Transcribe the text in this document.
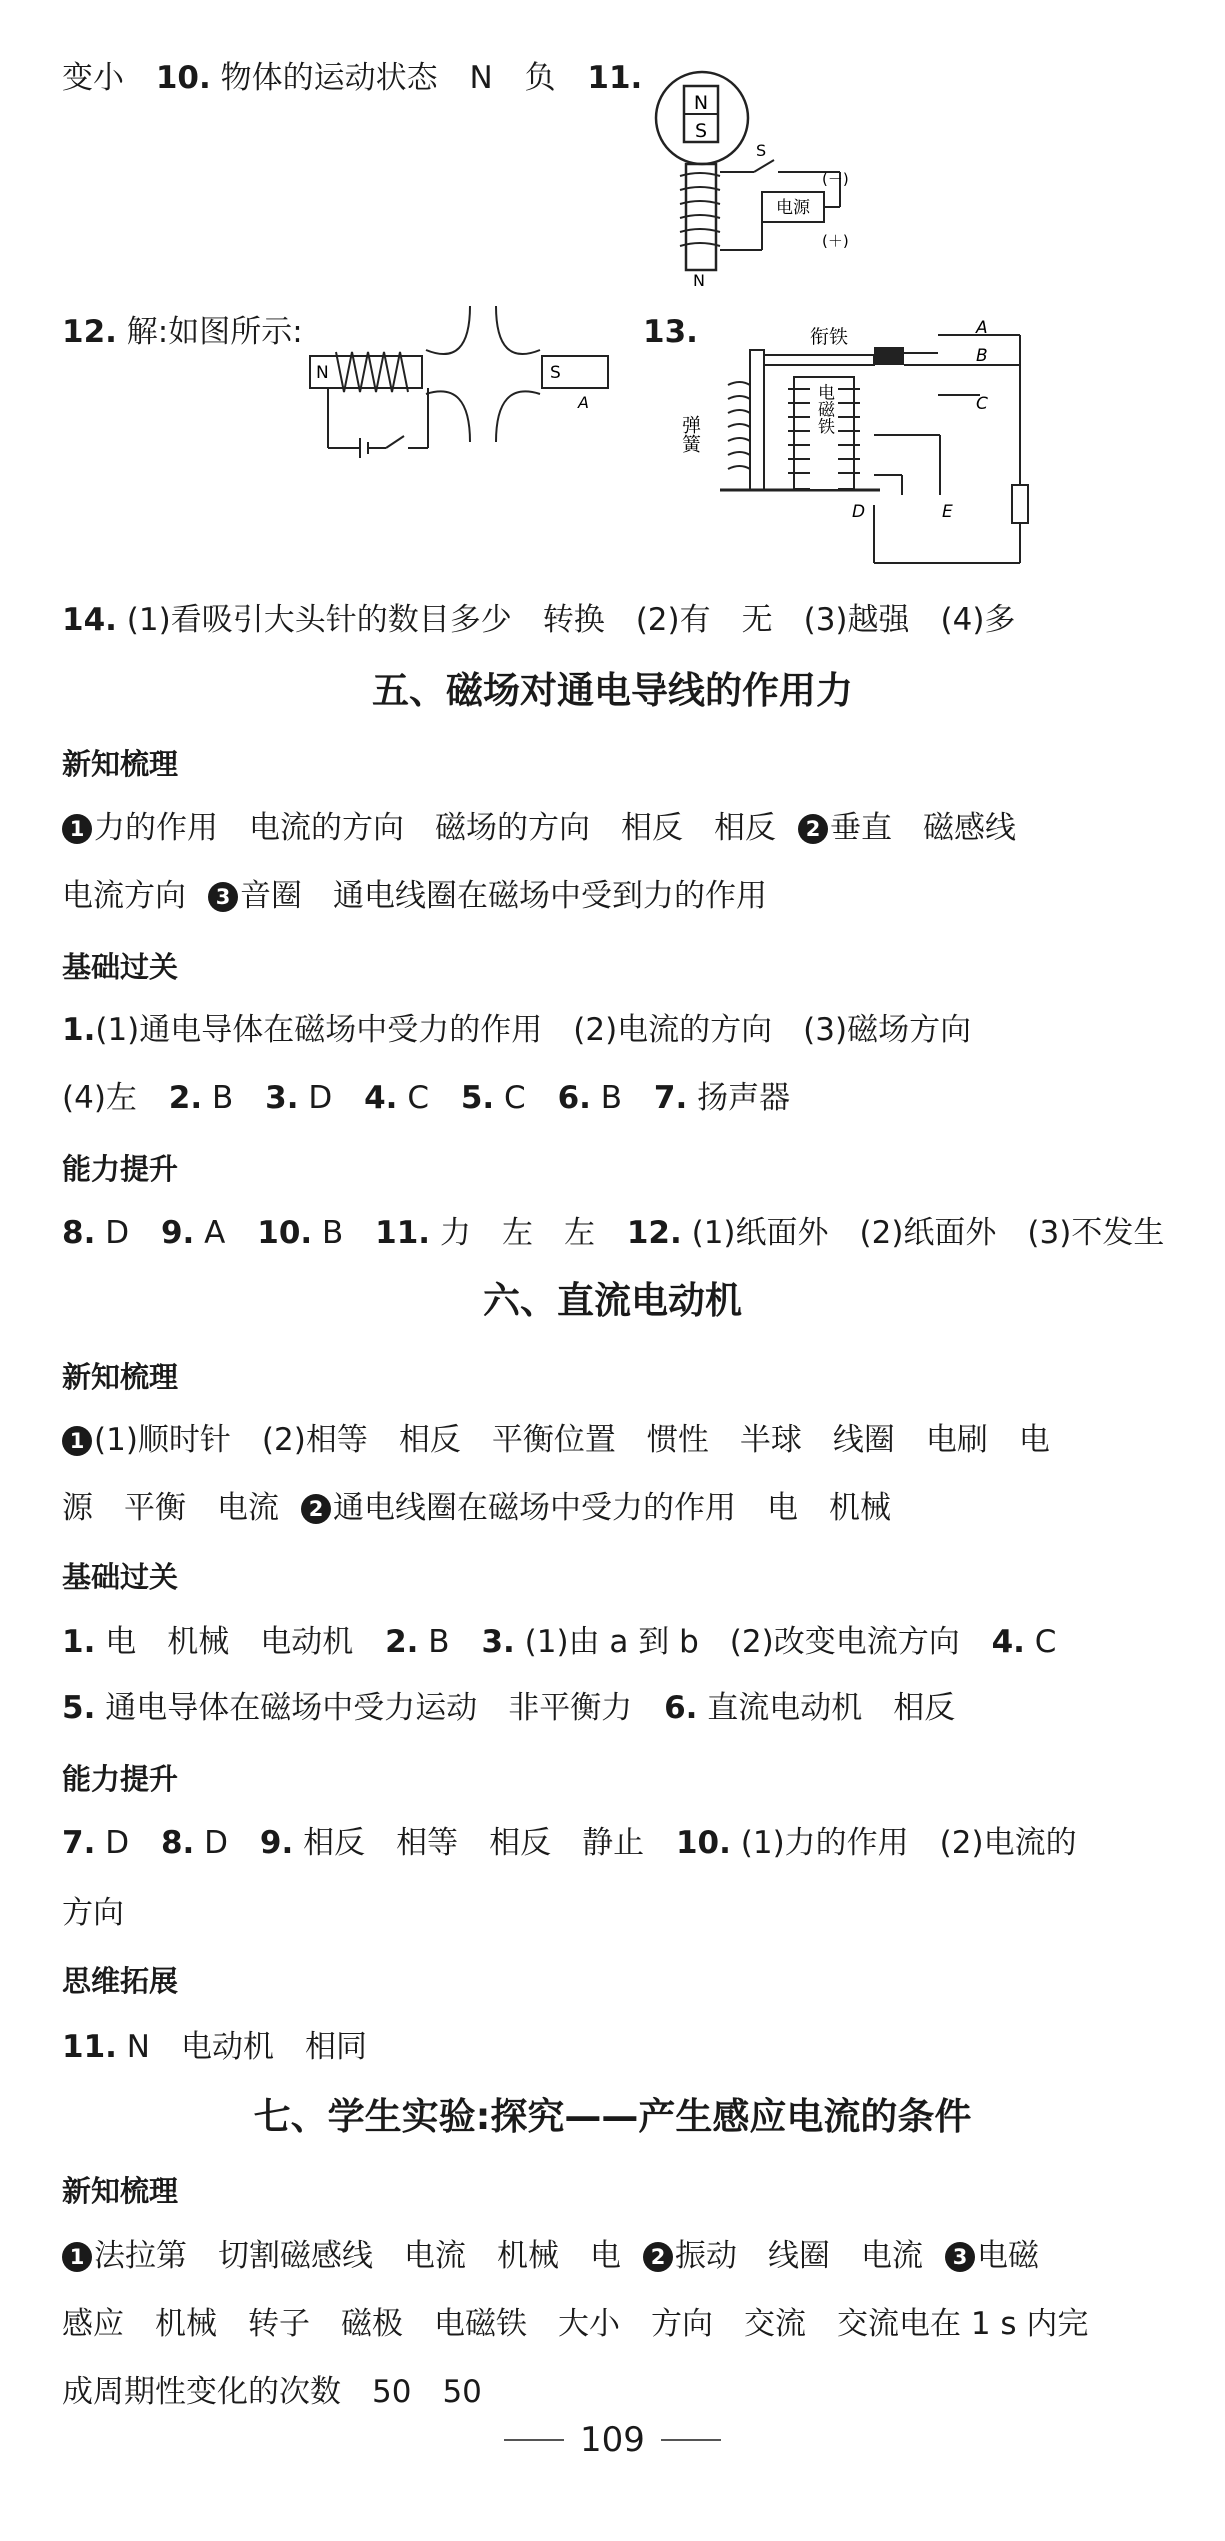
变小 10. 物体的运动状态 N 负 11.
N
S
S
电源
(－)
(＋)
N
12. 解:如图所示:
N	S
A
13.	衔铁
弹簧	电磁铁
A
B
C
D	E
14. (1)看吸引大头针的数目多少　转换　(2)有　无　(3)越强　(4)多
五、磁场对通电导线的作用力
新知梳理
1 力的作用　电流的方向　磁场的方向　相反　相反 2 垂直　磁感线
电流方向 3 音圈　通电线圈在磁场中受到力的作用
基础过关
1.(1)通电导体在磁场中受力的作用　(2)电流的方向　(3)磁场方向
(4)左 2. B 3. D 4. C 5. C 6. B 7. 扬声器
能力提升
8. D 9. A 10. B 11. 力　左　左 12. (1)纸面外　(2)纸面外　(3)不发生
六、直流电动机
新知梳理
1 (1)顺时针　(2)相等　相反　平衡位置　惯性　半球　线圈　电刷　电
源　平衡　电流 2 通电线圈在磁场中受力的作用　电　机械
基础过关
1. 电　机械　电动机 2. B 3. (1)由 a 到 b　(2)改变电流方向 4. C
5. 通电导体在磁场中受力运动　非平衡力 6. 直流电动机　相反
能力提升
7. D 8. D 9. 相反　相等　相反　静止 10. (1)力的作用　(2)电流的
方向
思维拓展
11. N　电动机　相同
七、学生实验:探究——产生感应电流的条件
新知梳理
1 法拉第　切割磁感线　电流　机械　电 2 振动　线圈　电流 3 电磁
感应　机械　转子　磁极　电磁铁　大小　方向　交流　交流电在 1 s 内完
成周期性变化的次数　50　50
109
